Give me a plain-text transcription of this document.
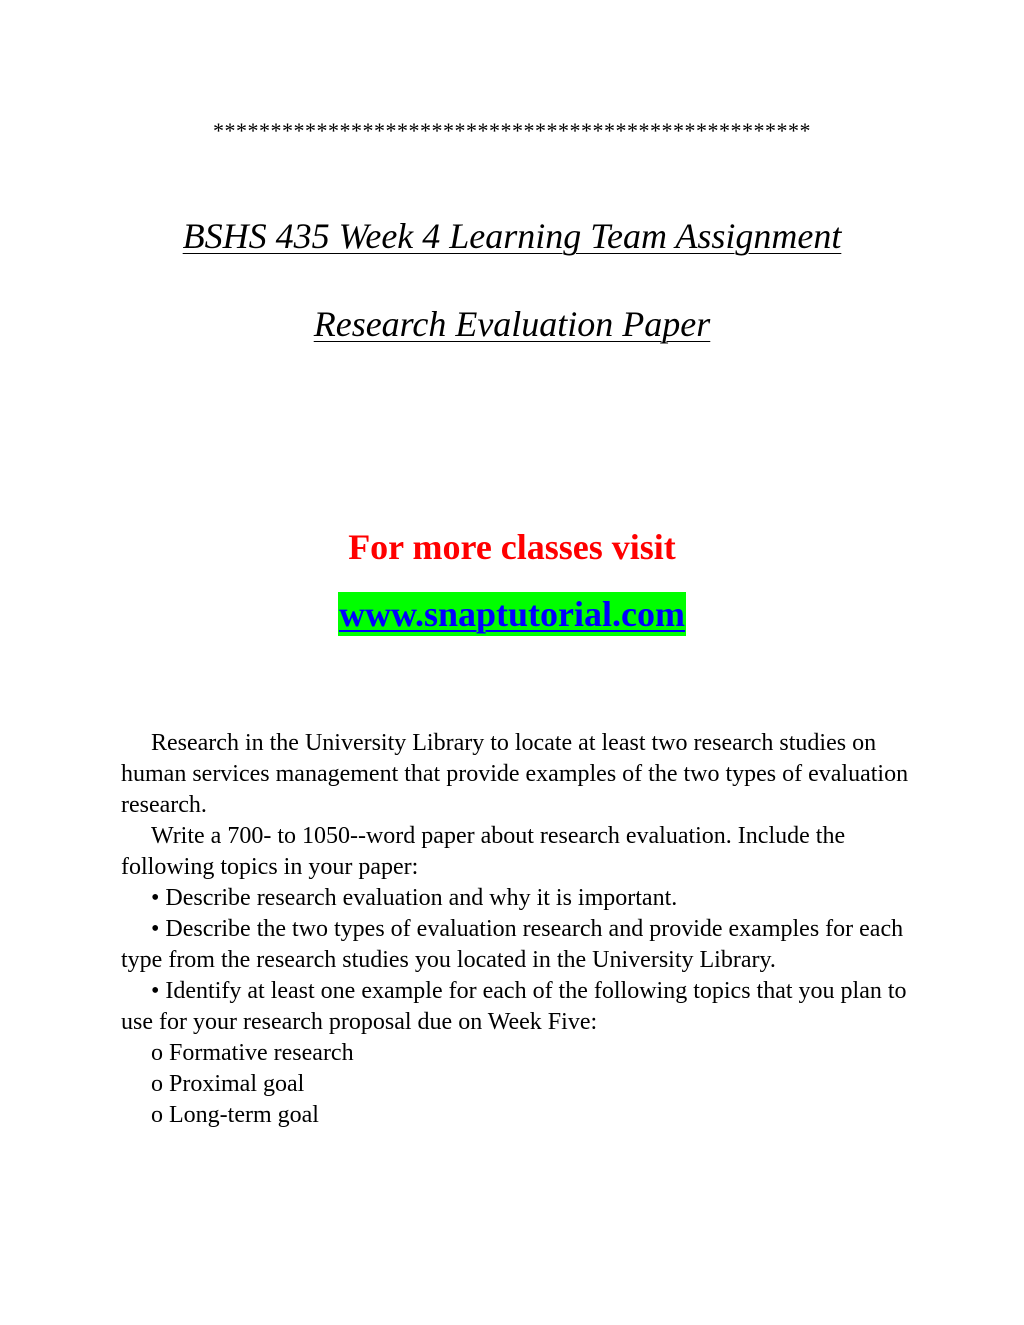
****************************************************
BSHS 435 Week 4 Learning Team Assignment
Research Evaluation Paper
For more classes visit
www.snaptutorial.com

Research in the University Library to locate at least two research studies on human services management that provide examples of the two types of evaluation research.

Write a 700- to 1050--word paper about research evaluation. Include the following topics in your paper:

• Describe research evaluation and why it is important.

• Describe the two types of evaluation research and provide examples for each type from the research studies you located in the University Library.

• Identify at least one example for each of the following topics that you plan to use for your research proposal due on Week Five:

o Formative research

o Proximal goal

o Long-term goal
